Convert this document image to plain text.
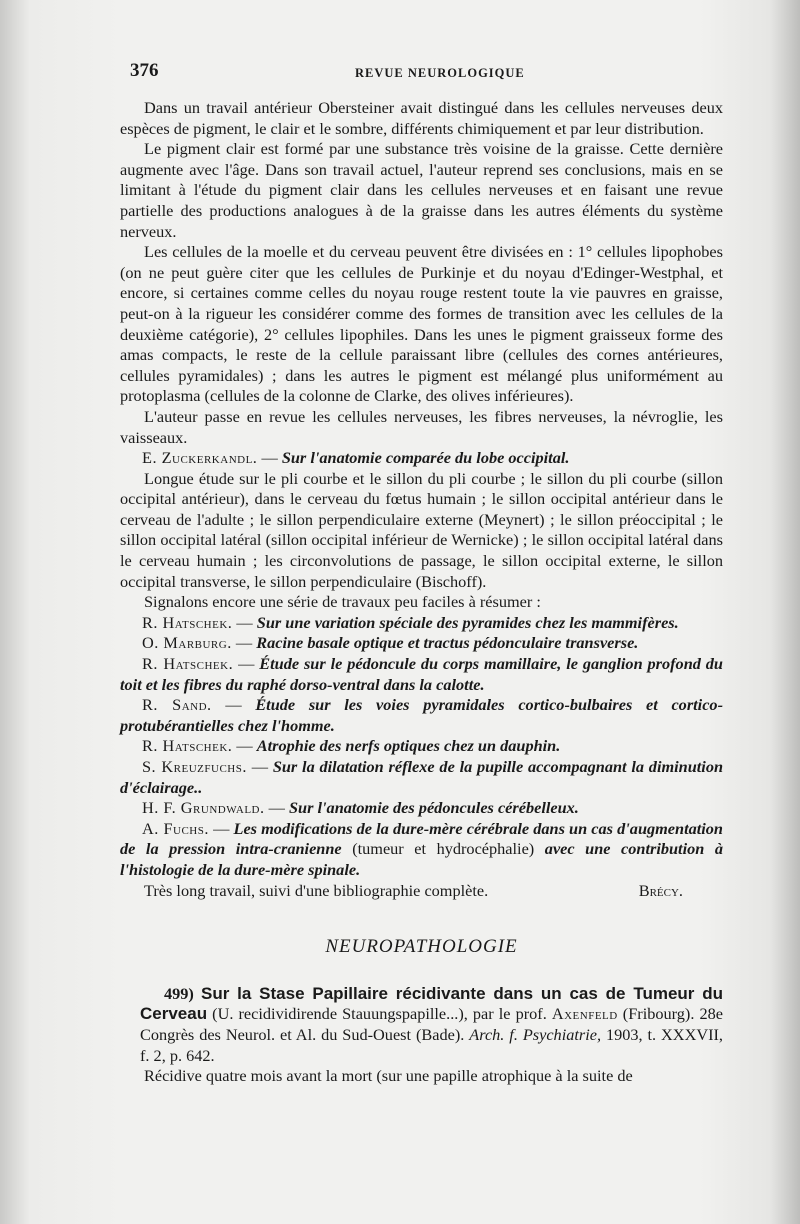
376	REVUE NEUROLOGIQUE

Dans un travail antérieur Obersteiner avait distingué dans les cellules nerveuses deux espèces de pigment, le clair et le sombre, différents chimiquement et par leur distribution.

Le pigment clair est formé par une substance très voisine de la graisse. Cette dernière augmente avec l'âge. Dans son travail actuel, l'auteur reprend ses conclusions, mais en se limitant à l'étude du pigment clair dans les cellules nerveuses et en faisant une revue partielle des productions analogues à de la graisse dans les autres éléments du système nerveux.

Les cellules de la moelle et du cerveau peuvent être divisées en : 1° cellules lipophobes (on ne peut guère citer que les cellules de Purkinje et du noyau d'Edinger-Westphal, et encore, si certaines comme celles du noyau rouge restent toute la vie pauvres en graisse, peut-on à la rigueur les considérer comme des formes de transition avec les cellules de la deuxième catégorie), 2° cellules lipophiles. Dans les unes le pigment graisseux forme des amas compacts, le reste de la cellule paraissant libre (cellules des cornes antérieures, cellules pyramidales) ; dans les autres le pigment est mélangé plus uniformément au protoplasma (cellules de la colonne de Clarke, des olives inférieures).

L'auteur passe en revue les cellules nerveuses, les fibres nerveuses, la névroglie, les vaisseaux.

E. Zuckerkandl. — Sur l'anatomie comparée du lobe occipital.

Longue étude sur le pli courbe et le sillon du pli courbe ; le sillon du pli courbe (sillon occipital antérieur), dans le cerveau du fœtus humain ; le sillon occipital antérieur dans le cerveau de l'adulte ; le sillon perpendiculaire externe (Meynert) ; le sillon préoccipital ; le sillon occipital latéral (sillon occipital inférieur de Wernicke) ; le sillon occipital latéral dans le cerveau humain ; les circonvolutions de passage, le sillon occipital externe, le sillon occipital transverse, le sillon perpendiculaire (Bischoff).

Signalons encore une série de travaux peu faciles à résumer :

R. Hatschek. — Sur une variation spéciale des pyramides chez les mammifères.

O. Marburg. — Racine basale optique et tractus pédonculaire transverse.

R. Hatschek. — Étude sur le pédoncule du corps mamillaire, le ganglion profond du toit et les fibres du raphé dorso-ventral dans la calotte.

R. Sand. — Étude sur les voies pyramidales cortico-bulbaires et cortico-protubérantielles chez l'homme.

R. Hatschek. — Atrophie des nerfs optiques chez un dauphin.

S. Kreuzfuchs. — Sur la dilatation réflexe de la pupille accompagnant la diminution d'éclairage..

H. F. Grundwald. — Sur l'anatomie des pédoncules cérébelleux.

A. Fuchs. — Les modifications de la dure-mère cérébrale dans un cas d'augmentation de la pression intra-cranienne (tumeur et hydrocéphalie) avec une contribution à l'histologie de la dure-mère spinale.

Très long travail, suivi d'une bibliographie complète.	Brécy.

NEUROPATHOLOGIE

499) Sur la Stase Papillaire récidivante dans un cas de Tumeur du Cerveau (U. recidividirende Stauungspapille...), par le prof. Axenfeld (Fribourg). 28e Congrès des Neurol. et Al. du Sud-Ouest (Bade). Arch. f. Psychiatrie, 1903, t. XXXVII, f. 2, p. 642.

Récidive quatre mois avant la mort (sur une papille atrophique à la suite de
